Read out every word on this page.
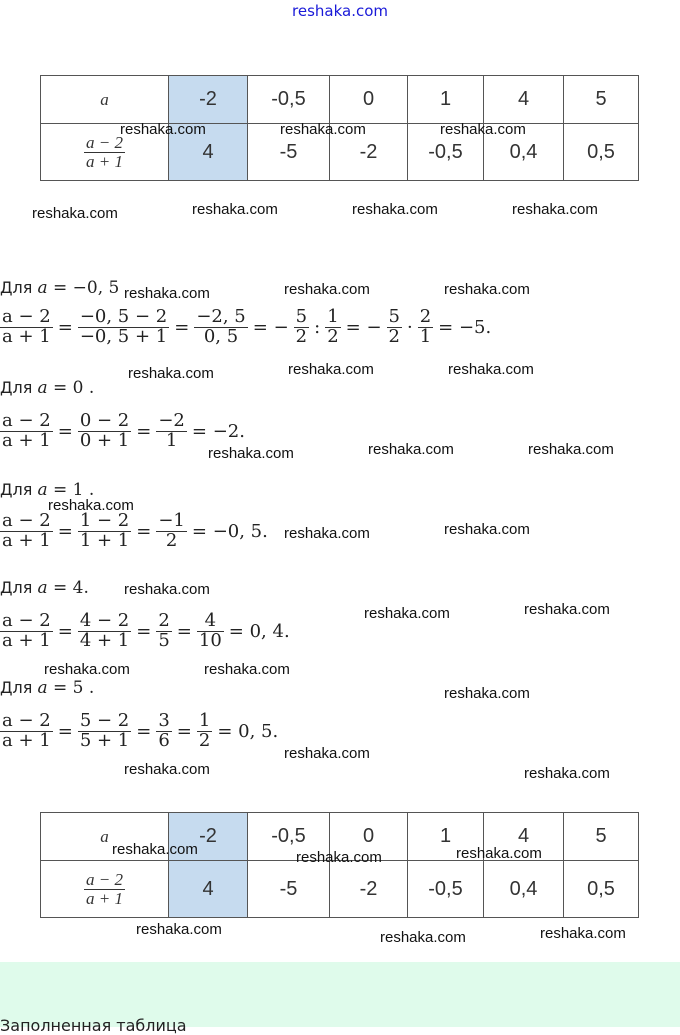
reshaka.com
a	-2	-0,5	0	1	4	5

$\frac{a - 2}{a + 1}$	4	-5	-2	-0,5	0,4	0,5
Для a = −0, 5
$\frac{a - 2}{a + 1} = \frac{-0, 5 - 2}{-0, 5 + 1} = \frac{-2, 5}{0, 5}$ = − $\frac{5}{2}$ : $\frac{1}{2}$ = − $\frac{5}{2} \cdot \frac{2}{1} = -5$.
Для a = 0 .
$\frac{a - 2}{a + 1} = \frac{0 - 2}{0 + 1} = \frac{-2}{1} = -2$.
Для a = 1 .
$\frac{a - 2}{a + 1} = \frac{1 - 2}{1 + 1} = \frac{-1}{2} = -0$, 5.
Для a = 4.
$\frac{a - 2}{a + 1} = \frac{4 - 2}{4 + 1} = \frac{2}{5} = \frac{4}{10} = 0$, 4.
Для a = 5 .
$\frac{a - 2}{a + 1} = \frac{5 - 2}{5 + 1} = \frac{3}{6} = \frac{1}{2} = 0$, 5.
a	-2	-0,5	0	1	4	5

$\frac{a - 2}{a + 1}$	4	-5	-2	-0,5	0,4	0,5
Заполненная таблица
reshaka.com	reshaka.com	reshaka.com
reshaka.com	reshaka.com	reshaka.com	reshaka.com
reshaka.com	reshaka.com	reshaka.com
reshaka.com	reshaka.com	reshaka.com
reshaka.com	reshaka.com	reshaka.com
reshaka.com
reshaka.com	reshaka.com
reshaka.com
reshaka.com	reshaka.com
reshaka.com	reshaka.com
reshaka.com
reshaka.com
reshaka.com
reshaka.com
reshaka.com	reshaka.com	reshaka.com
reshaka.com	reshaka.com	reshaka.com
